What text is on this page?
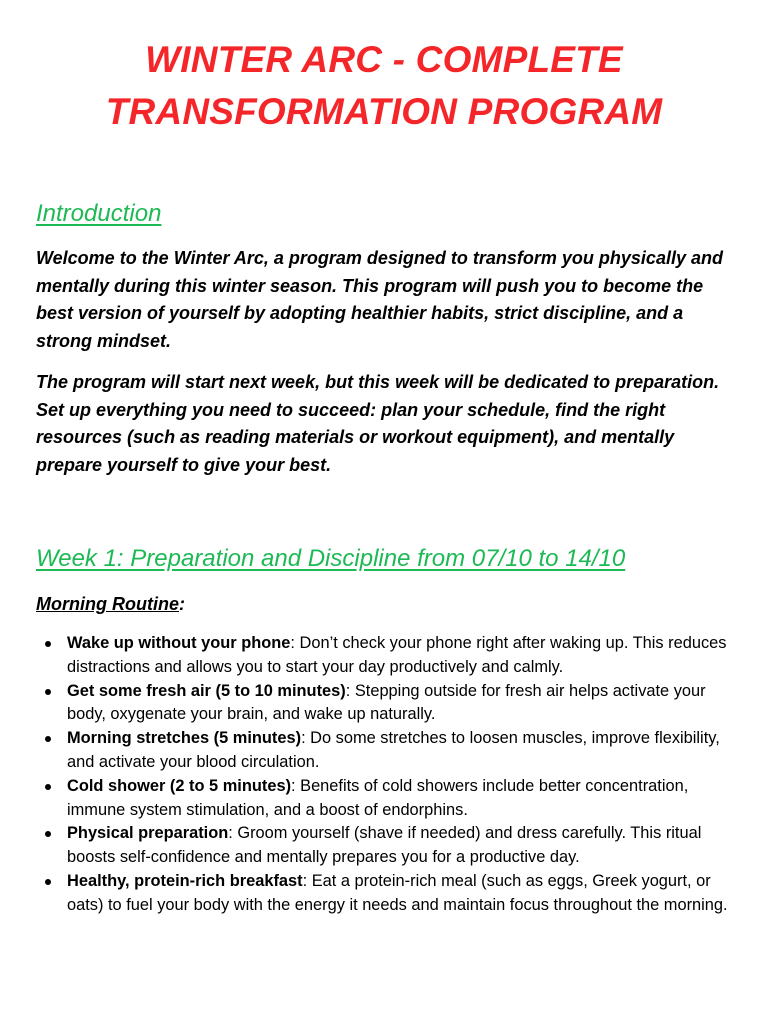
WINTER ARC - COMPLETE
TRANSFORMATION PROGRAM
Introduction

Welcome to the Winter Arc, a program designed to transform you physically and mentally during this winter season. This program will push you to become the best version of yourself by adopting healthier habits, strict discipline, and a strong mindset.

The program will start next week, but this week will be dedicated to preparation. Set up everything you need to succeed: plan your schedule, find the right resources (such as reading materials or workout equipment), and mentally prepare yourself to give your best.

Week 1: Preparation and Discipline from 07/10 to 14/10
Morning Routine:
Wake up without your phone: Don’t check your phone right after waking up. This reduces distractions and allows you to start your day productively and calmly.
Get some fresh air (5 to 10 minutes): Stepping outside for fresh air helps activate your body, oxygenate your brain, and wake up naturally.
Morning stretches (5 minutes): Do some stretches to loosen muscles, improve flexibility, and activate your blood circulation.
Cold shower (2 to 5 minutes): Benefits of cold showers include better concentration, immune system stimulation, and a boost of endorphins.
Physical preparation: Groom yourself (shave if needed) and dress carefully. This ritual boosts self-confidence and mentally prepares you for a productive day.
Healthy, protein-rich breakfast: Eat a protein-rich meal (such as eggs, Greek yogurt, or oats) to fuel your body with the energy it needs and maintain focus throughout the morning.
